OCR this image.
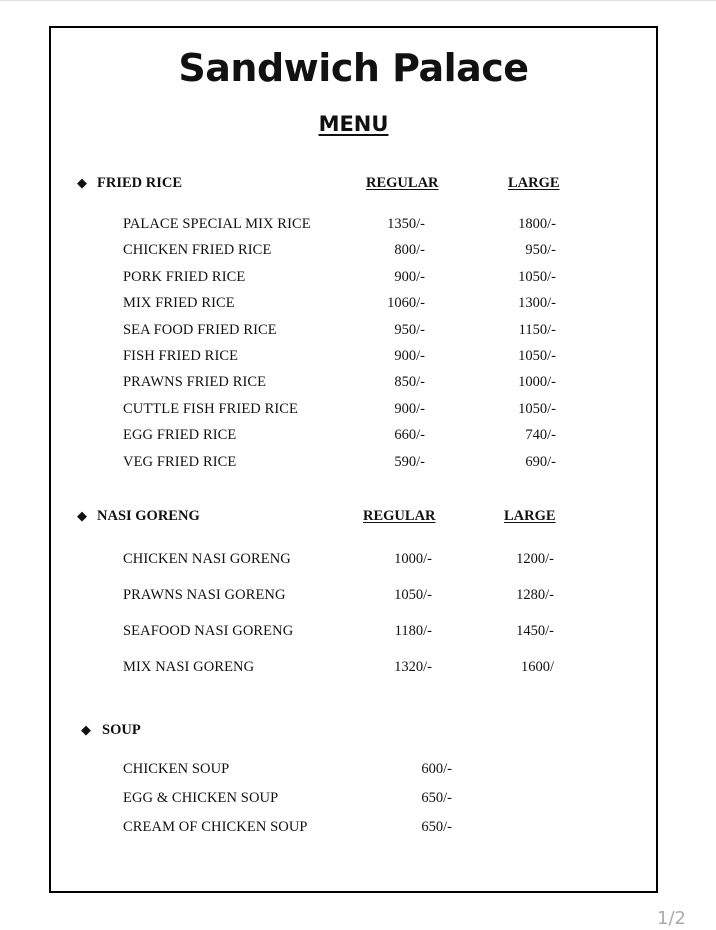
Sandwich Palace
MENU
◆ FRIED RICE	REGULAR	LARGE
PALACE SPECIAL MIX RICE	1350/-	1800/-
CHICKEN FRIED RICE	800/-	950/-
PORK FRIED RICE	900/-	1050/-
MIX FRIED RICE	1060/-	1300/-
SEA FOOD FRIED RICE	950/-	1150/-
FISH FRIED RICE	900/-	1050/-
PRAWNS FRIED RICE	850/-	1000/-
CUTTLE FISH FRIED RICE	900/-	1050/-
EGG FRIED RICE	660/-	740/-
VEG FRIED RICE	590/-	690/-
◆ NASI GORENG	REGULAR	LARGE
CHICKEN NASI GORENG	1000/-	1200/-
PRAWNS NASI GORENG	1050/-	1280/-
SEAFOOD NASI GORENG	1180/-	1450/-
MIX NASI GORENG	1320/-	1600/
◆ SOUP
CHICKEN SOUP	600/-
EGG & CHICKEN SOUP	650/-
CREAM OF CHICKEN SOUP	650/-
1/2
